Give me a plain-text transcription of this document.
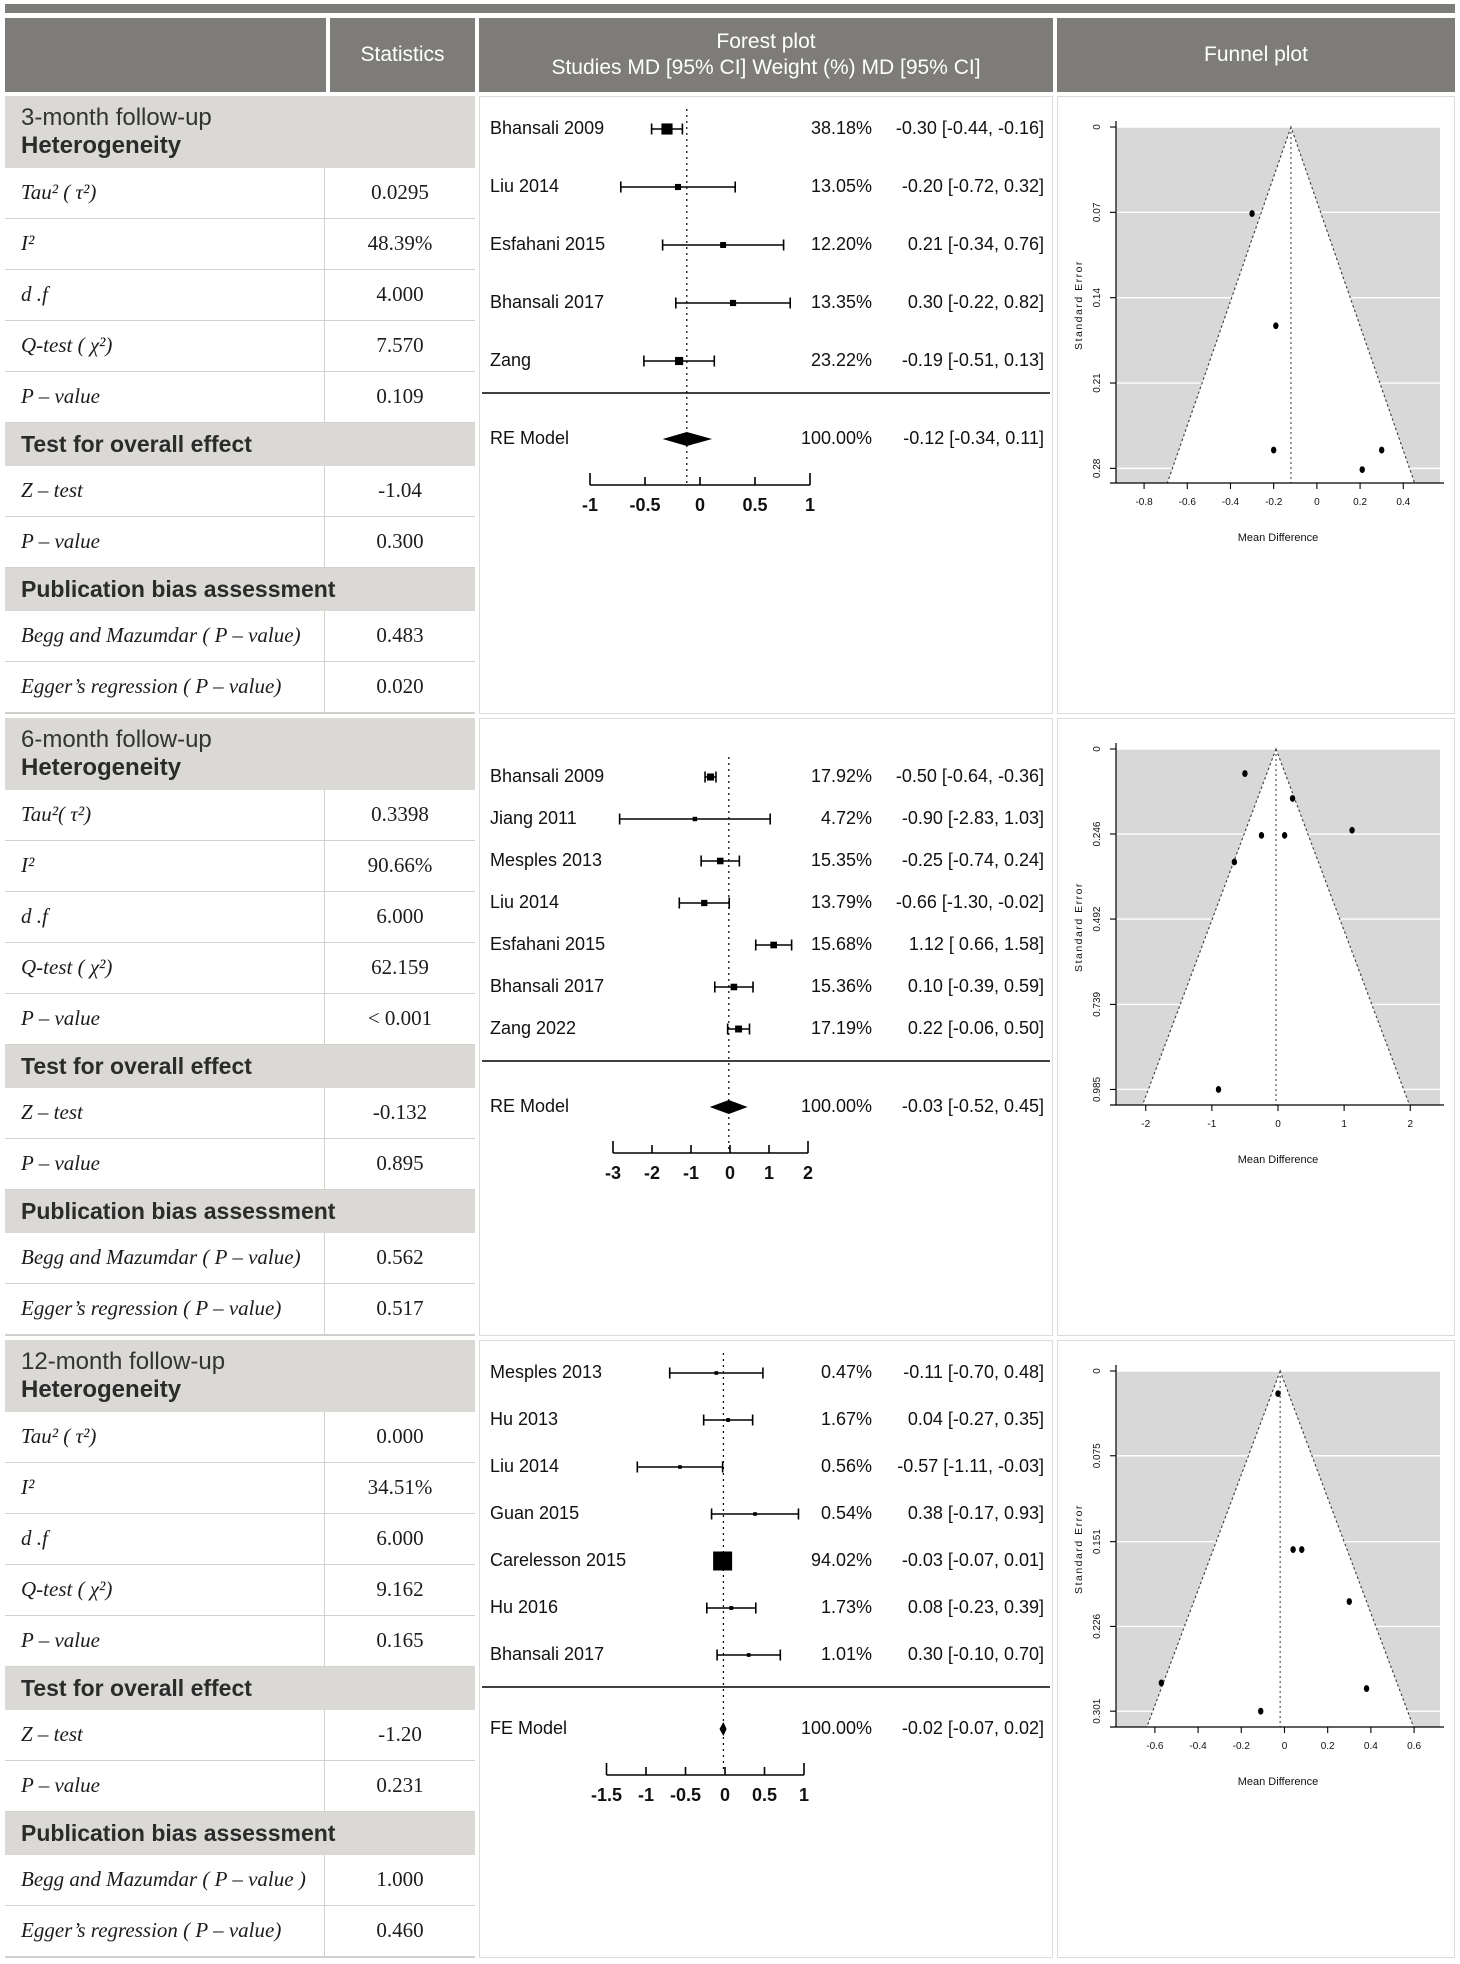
Statistics
Forest plot
Studies MD [95% CI] Weight (%) MD [95% CI]
Funnel plot
3-month follow-up
Heterogeneity
Tau² ( τ²)	0.0295
I²	48.39%
d .f	4.000
Q-test ( χ²)	7.570
P – value	0.109
Test for overall effect
Z – test	-1.04
P – value	0.300
Publication bias assessment
Begg and Mazumdar ( P – value)	0.483
Egger’s regression ( P – value)	0.020
Bhansali 2009	38.18% -0.30 [-0.44, -0.16]
Liu 2014	13.05% -0.20 [-0.72, 0.32]
Esfahani 2015	12.20% 0.21 [-0.34, 0.76]
Bhansali 2017	13.35% 0.30 [-0.22, 0.82]
Zang	23.22% -0.19 [-0.51, 0.13]
RE Model	100.00% -0.12 [-0.34, 0.11]
-1 -0.5 0 0.5 1	-0.8	-0.6	-0.4	-0.2	0	0.2	0.4
0
0.07
0.14
0.21
0.28
Standard Error
Mean Difference
6-month follow-up
Heterogeneity
Tau²( τ²)	0.3398
I²	90.66%
d .f	6.000
Q-test ( χ²)	62.159
P – value	< 0.001
Test for overall effect
Z – test	-0.132
P – value	0.895
Publication bias assessment
Begg and Mazumdar ( P – value)	0.562
Egger’s regression ( P – value)	0.517
Bhansali 2009	17.92% -0.50 [-0.64, -0.36]
Jiang 2011	4.72% -0.90 [-2.83, 1.03]
Mesples 2013	15.35% -0.25 [-0.74, 0.24]
Liu 2014	13.79% -0.66 [-1.30, -0.02]
Esfahani 2015	15.68% 1.12 [ 0.66, 1.58]
Bhansali 2017	15.36% 0.10 [-0.39, 0.59]
Zang 2022	17.19% 0.22 [-0.06, 0.50]
RE Model	100.00% -0.03 [-0.52, 0.45]
-3 -2 -1 0 1 2
-2	-1	0	1	2
0
0.246
0.492
0.739
0.985
Standard Error
Mean Difference
12-month follow-up
Heterogeneity
Tau² ( τ²)	0.000
I²	34.51%
d .f	6.000
Q-test ( χ²)	9.162
P – value	0.165
Test for overall effect
Z – test	-1.20
P – value	0.231
Publication bias assessment
Begg and Mazumdar ( P – value )	1.000
Egger’s regression ( P – value)	0.460
Mesples 2013	0.47% -0.11 [-0.70, 0.48]
Hu 2013	1.67% 0.04 [-0.27, 0.35]
Liu 2014	0.56% -0.57 [-1.11, -0.03]
Guan 2015	0.54% 0.38 [-0.17, 0.93]
Carelesson 2015	94.02% -0.03 [-0.07, 0.01]
Hu 2016	1.73% 0.08 [-0.23, 0.39]
Bhansali 2017	1.01% 0.30 [-0.10, 0.70]
FE Model	100.00% -0.02 [-0.07, 0.02]
-1.5 -1 -0.5 0 0.5 1
-0.6	-0.4	-0.2	0	0.2	0.4	0.6
0
0.075
0.151
0.226
0.301
Standard Error
Mean Difference
